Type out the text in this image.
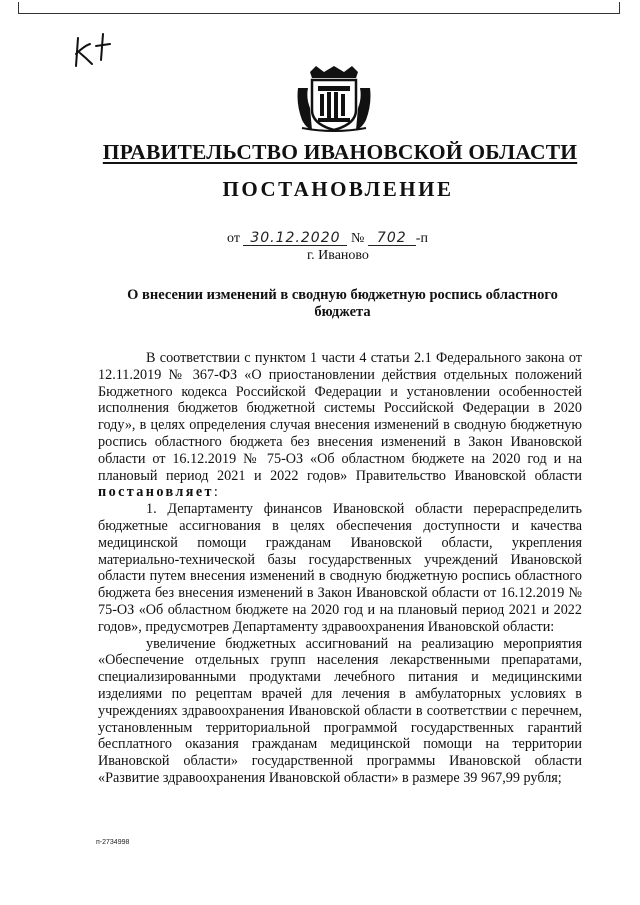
ПРАВИТЕЛЬСТВО ИВАНОВСКОЙ ОБЛАСТИ
ПОСТАНОВЛЕНИЕ
от 30.12.2020 № 702 -п
г. Иваново
О внесении изменений в сводную бюджетную роспись областного бюджета

В соответствии с пунктом 1 части 4 статьи 2.1 Федерального закона от 12.11.2019 № 367-ФЗ «О приостановлении действия отдельных положений Бюджетного кодекса Российской Федерации и установлении особенностей исполнения бюджетов бюджетной системы Российской Федерации в 2020 году», в целях определения случая внесения изменений в сводную бюджетную роспись областного бюджета без внесения изменений в Закон Ивановской области от 16.12.2019 № 75-ОЗ «Об областном бюджете на 2020 год и на плановый период 2021 и 2022 годов» Правительство Ивановской области постановляет:

1. Департаменту финансов Ивановской области перераспределить бюджетные ассигнования в целях обеспечения доступности и качества медицинской помощи гражданам Ивановской области, укрепления материально-технической базы государственных учреждений Ивановской области путем внесения изменений в сводную бюджетную роспись областного бюджета без внесения изменений в Закон Ивановской области от 16.12.2019 № 75-ОЗ «Об областном бюджете на 2020 год и на плановый период 2021 и 2022 годов», предусмотрев Департаменту здравоохранения Ивановской области:

увеличение бюджетных ассигнований на реализацию мероприятия «Обеспечение отдельных групп населения лекарственными препаратами, специализированными продуктами лечебного питания и медицинскими изделиями по рецептам врачей для лечения в амбулаторных условиях в учреждениях здравоохранения Ивановской области в соответствии с перечнем, установленным территориальной программой государственных гарантий бесплатного оказания гражданам медицинской помощи на территории Ивановской области» государственной программы Ивановской области «Развитие здравоохранения Ивановской области» в размере 39 967,99 рубля;

п-2734998
